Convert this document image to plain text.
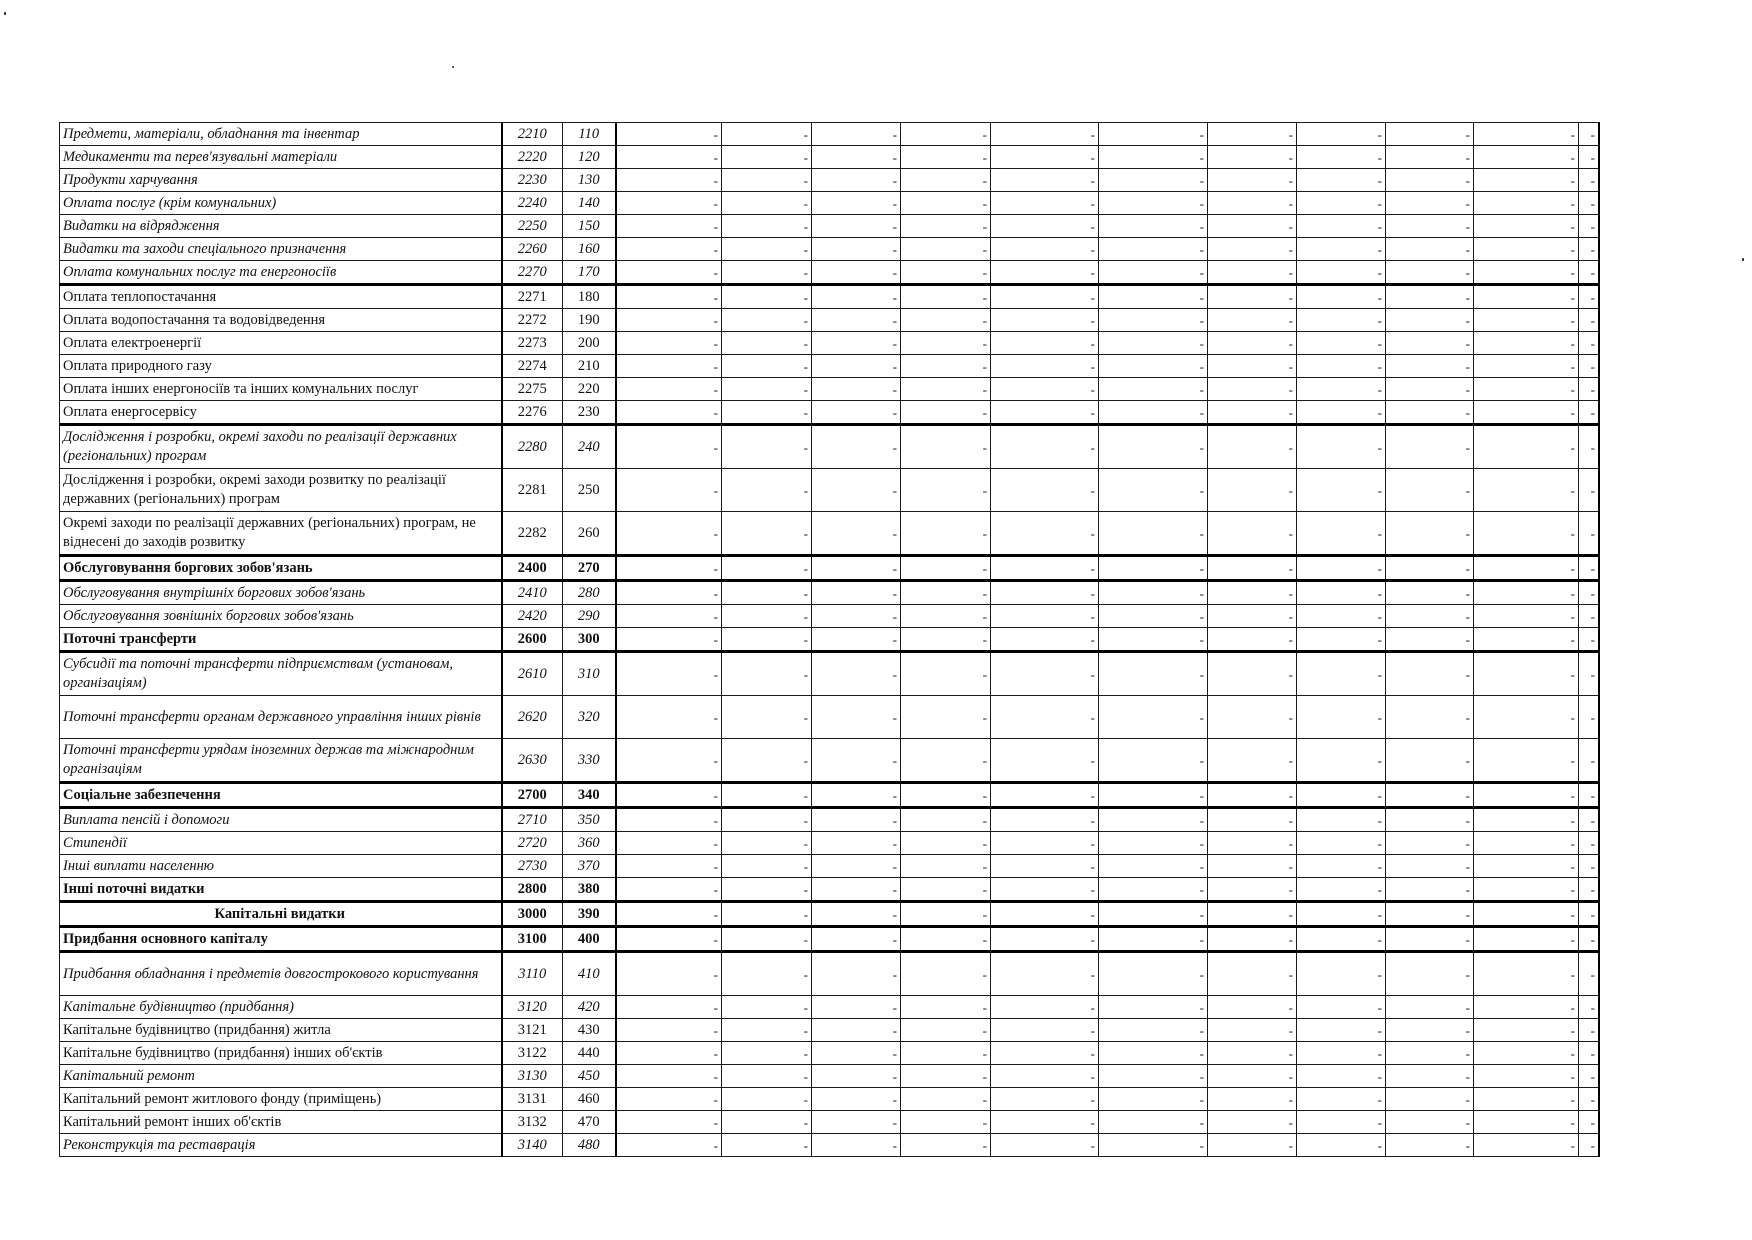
Предмети, матеріали, обладнання та інвентар	2210	110	-	-	-	-	-	-	-	-	-	-	-
Медикаменти та перев'язувальні матеріали	2220	120	-	-	-	-	-	-	-	-	-	-	-
Продукти харчування	2230	130	-	-	-	-	-	-	-	-	-	-	-
Оплата послуг (крім комунальних)	2240	140	-	-	-	-	-	-	-	-	-	-	-
Видатки на відрядження	2250	150	-	-	-	-	-	-	-	-	-	-	-
Видатки та заходи спеціального призначення	2260	160	-	-	-	-	-	-	-	-	-	-	-
Оплата комунальних послуг та енергоносіїв	2270	170	-	-	-	-	-	-	-	-	-	-	-
Оплата теплопостачання	2271	180	-	-	-	-	-	-	-	-	-	-	-
Оплата водопостачання та водовідведення	2272	190	-	-	-	-	-	-	-	-	-	-	-
Оплата електроенергії	2273	200	-	-	-	-	-	-	-	-	-	-	-
Оплата природного газу	2274	210	-	-	-	-	-	-	-	-	-	-	-
Оплата інших енергоносіїв та інших комунальних послуг	2275	220	-	-	-	-	-	-	-	-	-	-	-
Оплата енергосервісу	2276	230	-	-	-	-	-	-	-	-	-	-	-
Дослідження і розробки, окремі заходи по реалізації державних (регіональних) програм	2280	240	-	-	-	-	-	-	-	-	-	-	-
Дослідження і розробки, окремі заходи розвитку по реалізації державних (регіональних) програм	2281	250	-	-	-	-	-	-	-	-	-	-	-
Окремі заходи по реалізації державних (регіональних) програм, не віднесені до заходів розвитку	2282	260	-	-	-	-	-	-	-	-	-	-	-
Обслуговування боргових зобов'язань	2400	270	-	-	-	-	-	-	-	-	-	-	-
Обслуговування внутрішніх боргових зобов'язань	2410	280	-	-	-	-	-	-	-	-	-	-	-
Обслуговування зовнішніх боргових зобов'язань	2420	290	-	-	-	-	-	-	-	-	-	-	-
Поточні трансферти	2600	300	-	-	-	-	-	-	-	-	-	-	-
Субсидії та поточні трансферти підприємствам (установам, організаціям)	2610	310	-	-	-	-	-	-	-	-	-	-	-
Поточні трансферти органам державного управління інших рівнів	2620	320	-	-	-	-	-	-	-	-	-	-	-
Поточні трансферти урядам іноземних держав та міжнародним організаціям	2630	330	-	-	-	-	-	-	-	-	-	-	-
Соціальне забезпечення	2700	340	-	-	-	-	-	-	-	-	-	-	-
Виплата пенсій і допомоги	2710	350	-	-	-	-	-	-	-	-	-	-	-
Стипендії	2720	360	-	-	-	-	-	-	-	-	-	-	-
Інші виплати населенню	2730	370	-	-	-	-	-	-	-	-	-	-	-
Інші поточні видатки	2800	380	-	-	-	-	-	-	-	-	-	-	-
Капітальні видатки	3000	390	-	-	-	-	-	-	-	-	-	-	-
Придбання основного капіталу	3100	400	-	-	-	-	-	-	-	-	-	-	-
Придбання обладнання і предметів довгострокового користування	3110	410	-	-	-	-	-	-	-	-	-	-	-
Капітальне будівництво (придбання)	3120	420	-	-	-	-	-	-	-	-	-	-	-
Капітальне будівництво (придбання) житла	3121	430	-	-	-	-	-	-	-	-	-	-	-
Капітальне будівництво (придбання) інших об'єктів	3122	440	-	-	-	-	-	-	-	-	-	-	-
Капітальний ремонт	3130	450	-	-	-	-	-	-	-	-	-	-	-
Капітальний ремонт житлового фонду (приміщень)	3131	460	-	-	-	-	-	-	-	-	-	-	-
Капітальний ремонт інших об'єктів	3132	470	-	-	-	-	-	-	-	-	-	-	-
Реконструкція та реставрація	3140	480	-	-	-	-	-	-	-	-	-	-	-
